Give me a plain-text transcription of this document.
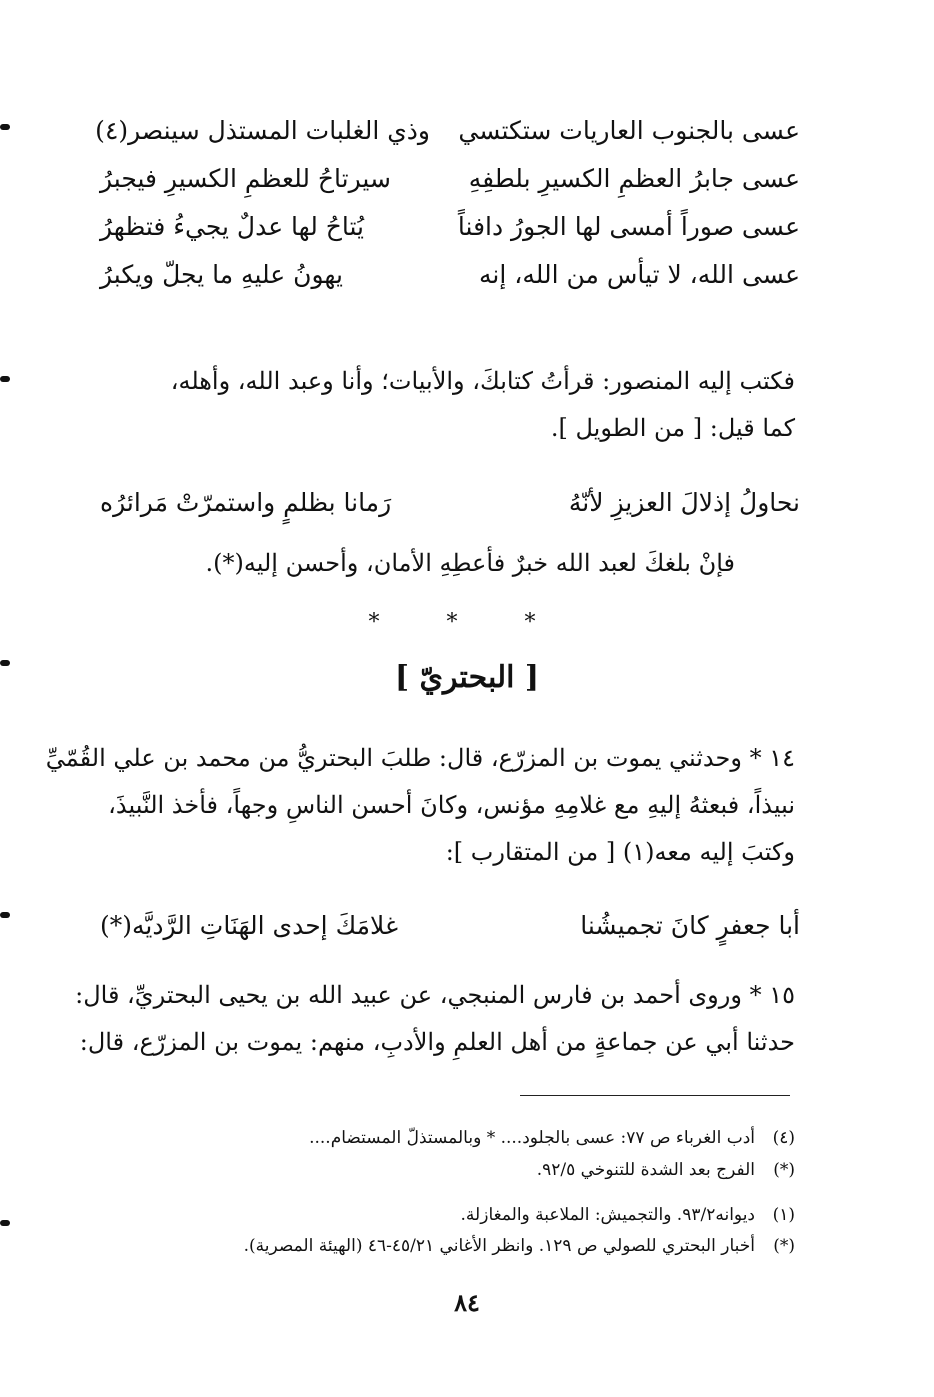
عسى بالجنوب العاريات ستكتسي
وذي الغلبات المستذل سينصر(٤)
عسى جابرُ العظمِ الكسيرِ بلطفِهِ
سيرتاحُ للعظمِ الكسيرِ فيجبرُ
عسى صوراً أمسى لها الجورُ دافناً
يُتاحُ لها عدلٌ يجيءُ فتظهرُ
عسى الله، لا تيأس من الله، إنه
يهونُ عليهِ ما يجلّ ويكبرُ
فكتب إليه المنصور: قرأتُ كتابكَ، والأبيات؛ وأنا وعبد الله، وأهله،
كما قيل: [ من الطويل ].
نحاولُ إذلالَ العزيزِ لأنّهُ
رَمانا بظلمٍ واستمرّتْ مَرائرُه
فإنْ بلغكَ لعبد الله خبرٌ فأعطِهِ الأمان، وأحسن إليه(*).
* * *
[ البحتريّ ]
١٤ * وحدثني يموت بن المزرّع، قال: طلبَ البحتريُّ من محمد بن علي القُمّيِّ
نبيذاً، فبعثهُ إليهِ مع غلامِهِ مؤنس، وكانَ أحسن الناسِ وجهاً، فأخذ النَّبيذَ،
وكتبَ إليه معه(١) [ من المتقارب ]:
أبا جعفرٍ كانَ تجميشُنا
غلامَكَ إحدى الهَنَاتِ الرَّديَّه(*)
١٥ * وروى أحمد بن فارس المنبجي، عن عبيد الله بن يحيى البحتريِّ، قال:
حدثنا أبي عن جماعةٍ من أهل العلمِ والأدبِ، منهم: يموت بن المزرّع، قال:
(٤)
أدب الغرباء ص ٧٧: عسى بالجلود.... * وبالمستذلّ المستضام....
(*)
الفرج بعد الشدة للتنوخي ٩٢/٥.
(١)
ديوانه٩٣/٢. والتجميش: الملاعبة والمغازلة.
(*)
أخبار البحتري للصولي ص ١٢٩. وانظر الأغاني ٤٥/٢١-٤٦ (الهيئة المصرية).
٨٤
